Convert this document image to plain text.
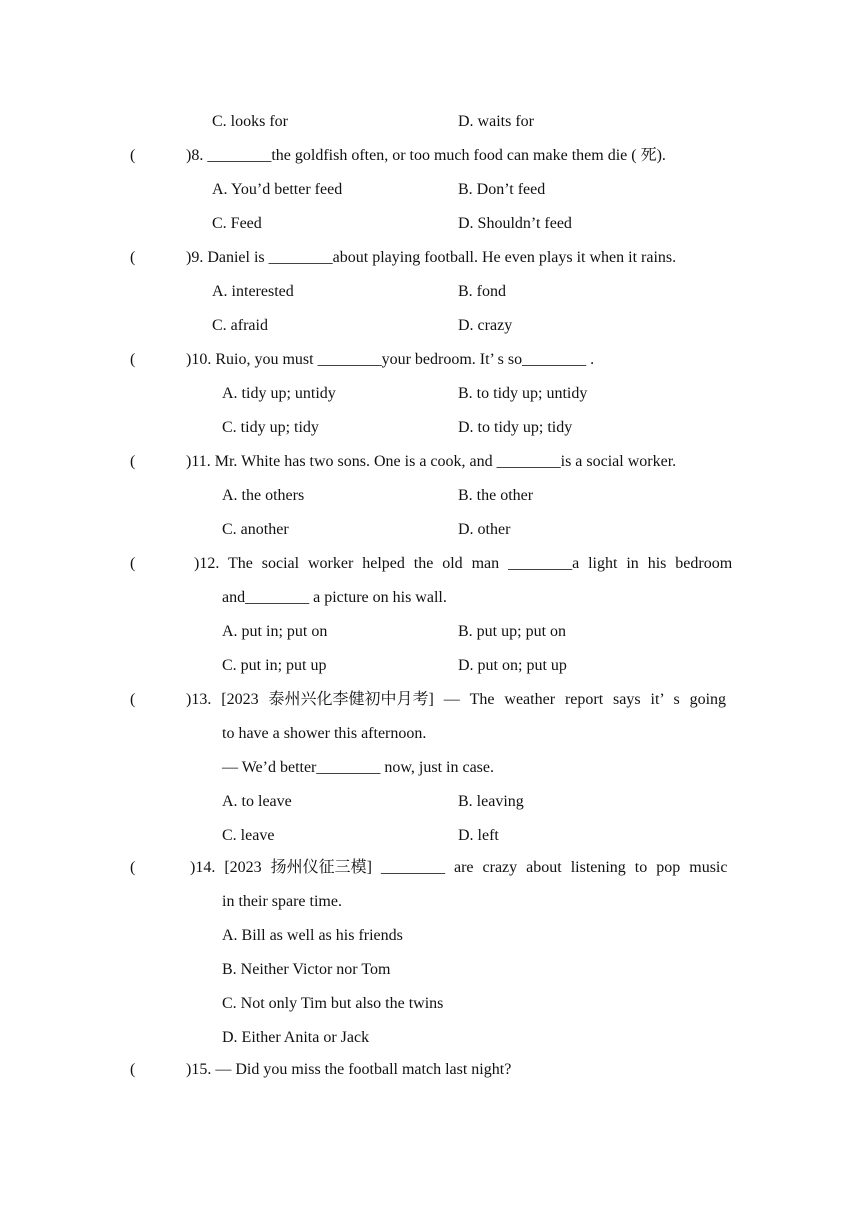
C. looks for	D. waits for
(	)8. ________the goldfish often, or too much food can make them die ( 死).
A. You’d better feed	B. Don’t feed
C. Feed	D. Shouldn’t feed
(	)9. Daniel is ________about playing football. He even plays it when it rains.
A. interested	B. fond
C. afraid	D. crazy
(	)10. Ruio, you must ________your bedroom. It’ s so________ .
A. tidy up; untidy	B. to tidy up; untidy
C. tidy up; tidy	D. to tidy up; tidy
(	)11. Mr. White has two sons. One is a cook, and ________is a social worker.
A. the others	B. the other
C. another	D. other
(	)12. The social worker helped the old man ________a light in his bedroom
and________ a picture on his wall.
A. put in; put on	B. put up; put on
C. put in; put up	D. put on; put up
(	)13. [2023 泰州兴化李健初中月考] — The weather report says it’ s going
to have a shower this afternoon.
— We’d better________ now, just in case.
A. to leave	B. leaving
C. leave	D. left
(	)14. [2023 扬州仪征三模] ________ are crazy about listening to pop music
in their spare time.
A. Bill as well as his friends
B. Neither Victor nor Tom
C. Not only Tim but also the twins
D. Either Anita or Jack
(	)15. — Did you miss the football match last night?
